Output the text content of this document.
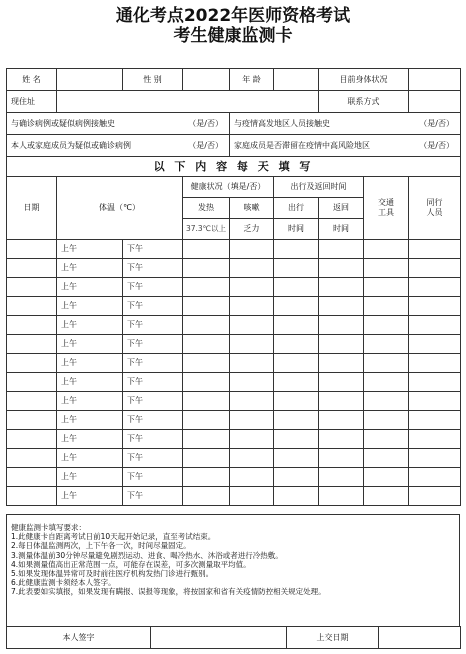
通化考点2022年医师资格考试
考生健康监测卡
姓 名		性 别		年 龄		目前身体状况		
现住址						联系方式		
与确诊病例或疑似病例接触史 （是/否）				与疫情高发地区人员接触史 （是/否）				

本人或家庭成员为疑似或确诊病例 （是/否）				家庭成员是否滞留在疫情中高风险地区 （是/否）				

以 下 内 容 每 天 填 写								
日期	体温（℃）		健康状况（填是/否）		出行及返回时间		交通工具	同行人员
			发热	咳嗽	出行	返回		
			37.3℃以上	乏力	时间	时间		
	上午	下午						
	上午	下午						
	上午	下午						
	上午	下午						
	上午	下午						
	上午	下午						
	上午	下午						
	上午	下午						
	上午	下午						
	上午	下午						
	上午	下午						
	上午	下午						
	上午	下午						
	上午	下午						
健康监测卡填写要求：
1.此健康卡自距离考试日前10天起开始记录，直至考试结束。
2.每日体温监测两次，上下午各一次，时间尽量固定。
3.测量体温前30分钟尽量避免剧烈运动、进食、喝冷热水、沐浴或者进行冷热敷。
4.如果测量值高出正常范围一点，可能存在误差，可多次测量取平均值。
5.如果发现体温异常可及时前往医疗机构发热门诊进行甄别。
6.此健康监测卡须经本人签字。
7.此表要如实填报，如果发现有瞒报、误报等现象，将按国家和省有关疫情防控相关规定处理。
本人签字		上交日期	
